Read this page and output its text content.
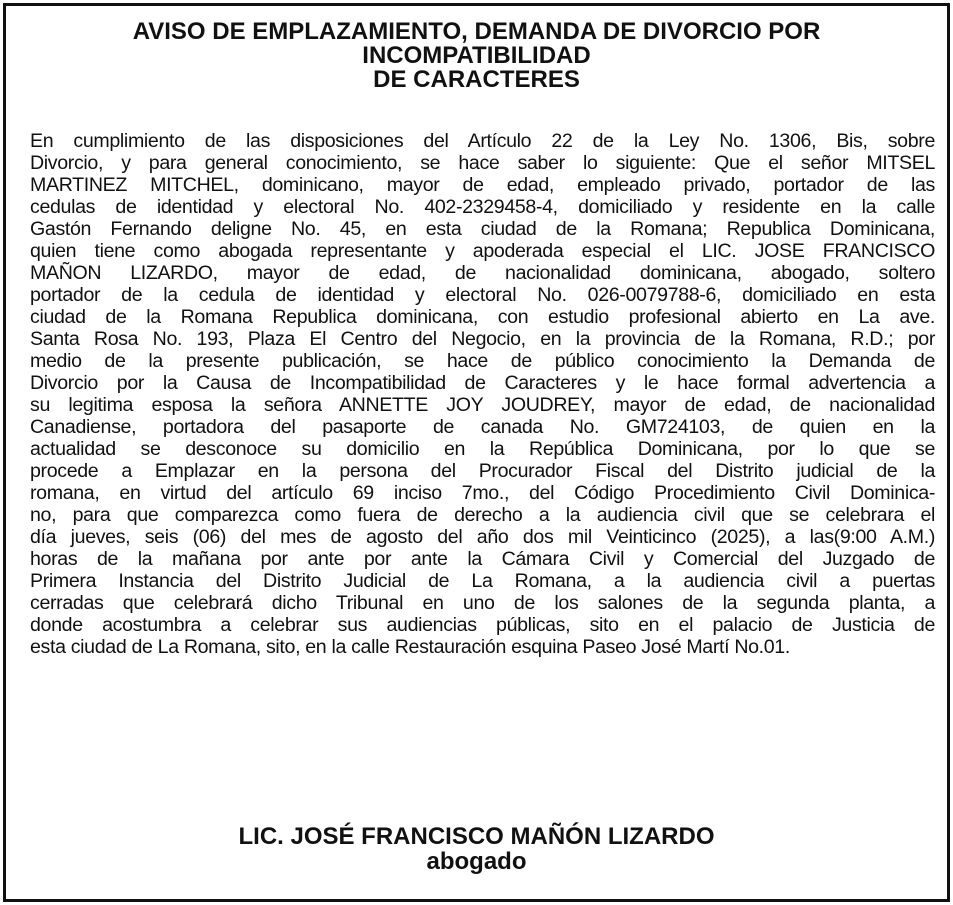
AVISO DE EMPLAZAMIENTO, DEMANDA DE DIVORCIO POR
INCOMPATIBILIDAD
DE CARACTERES
En cumplimiento de las disposiciones del Artículo 22 de la Ley No. 1306, Bis, sobre
Divorcio, y para general conocimiento, se hace saber lo siguiente: Que el señor MITSEL
MARTINEZ MITCHEL, dominicano, mayor de edad, empleado privado, portador de las
cedulas de identidad y electoral No. 402-2329458-4, domiciliado y residente en la calle
Gastón Fernando deligne No. 45, en esta ciudad de la Romana; Republica Dominicana,
quien tiene como abogada representante y apoderada especial el LIC. JOSE FRANCISCO
MAÑON LIZARDO, mayor de edad, de nacionalidad dominicana, abogado, soltero
portador de la cedula de identidad y electoral No. 026-0079788-6, domiciliado en esta
ciudad de la Romana Republica dominicana, con estudio profesional abierto en La ave.
Santa Rosa No. 193, Plaza El Centro del Negocio, en la provincia de la Romana, R.D.; por
medio de la presente publicación, se hace de público conocimiento la Demanda de
Divorcio por la Causa de Incompatibilidad de Caracteres y le hace formal advertencia a
su legitima esposa la señora ANNETTE JOY JOUDREY, mayor de edad, de nacionalidad
Canadiense, portadora del pasaporte de canada No. GM724103, de quien en la
actualidad se desconoce su domicilio en la República Dominicana, por lo que se
procede a Emplazar en la persona del Procurador Fiscal del Distrito judicial de la
romana, en virtud del artículo 69 inciso 7mo., del Código Procedimiento Civil Dominica-
no, para que comparezca como fuera de derecho a la audiencia civil que se celebrara el
día jueves, seis (06) del mes de agosto del año dos mil Veinticinco (2025), a las(9:00 A.M.)
horas de la mañana por ante por ante la Cámara Civil y Comercial del Juzgado de
Primera Instancia del Distrito Judicial de La Romana, a la audiencia civil a puertas
cerradas que celebrará dicho Tribunal en uno de los salones de la segunda planta, a
donde acostumbra a celebrar sus audiencias públicas, sito en el palacio de Justicia de
esta ciudad de La Romana, sito, en la calle Restauración esquina Paseo José Martí No.01.
LIC. JOSÉ FRANCISCO MAÑÓN LIZARDO
abogado
